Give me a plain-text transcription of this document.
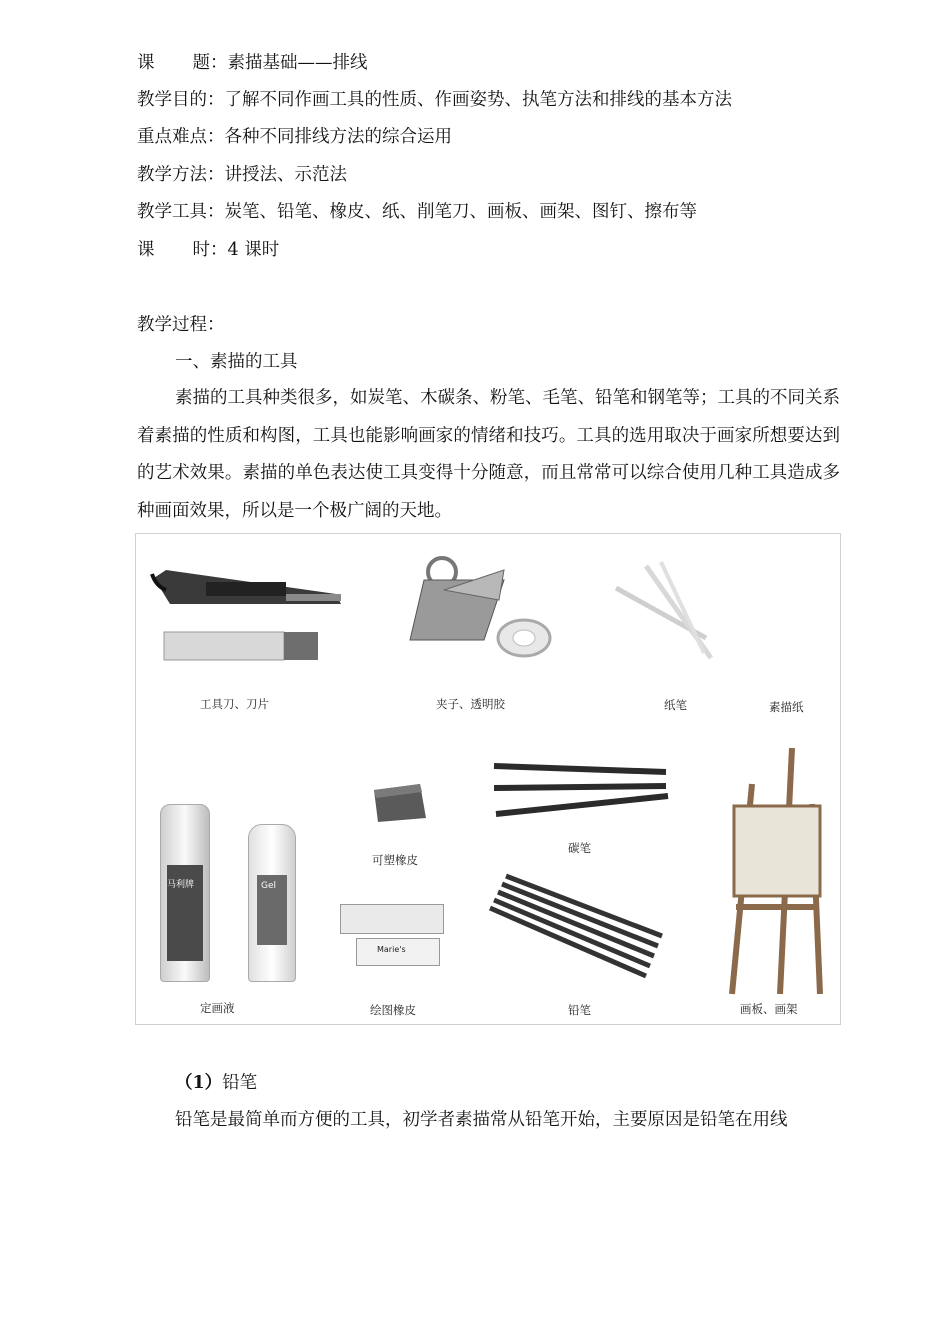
课 题：素描基础——排线
教学目的：了解不同作画工具的性质、作画姿势、执笔方法和排线的基本方法
重点难点：各种不同排线方法的综合运用
教学方法：讲授法、示范法
教学工具：炭笔、铅笔、橡皮、纸、削笔刀、画板、画架、图钉、擦布等
课 时：4 课时
教学过程：
一、素描的工具

素描的工具种类很多，如炭笔、木碳条、粉笔、毛笔、铅笔和钢笔等；工具的不同关系着素描的性质和构图，工具也能影响画家的情绪和技巧。工具的选用取决于画家所想要达到的艺术效果。素描的单色表达使工具变得十分随意，而且常常可以综合使用几种工具造成多种画面效果，所以是一个极广阔的天地。

工具刀、刀片	夹子、透明胶	纸笔	素描纸
可塑橡皮
碳笔
画板、画架
马利牌	Gel
定画液
Marie's
绘图橡皮	铅笔
（1）铅笔

铅笔是最简单而方便的工具，初学者素描常从铅笔开始，主要原因是铅笔在用线
